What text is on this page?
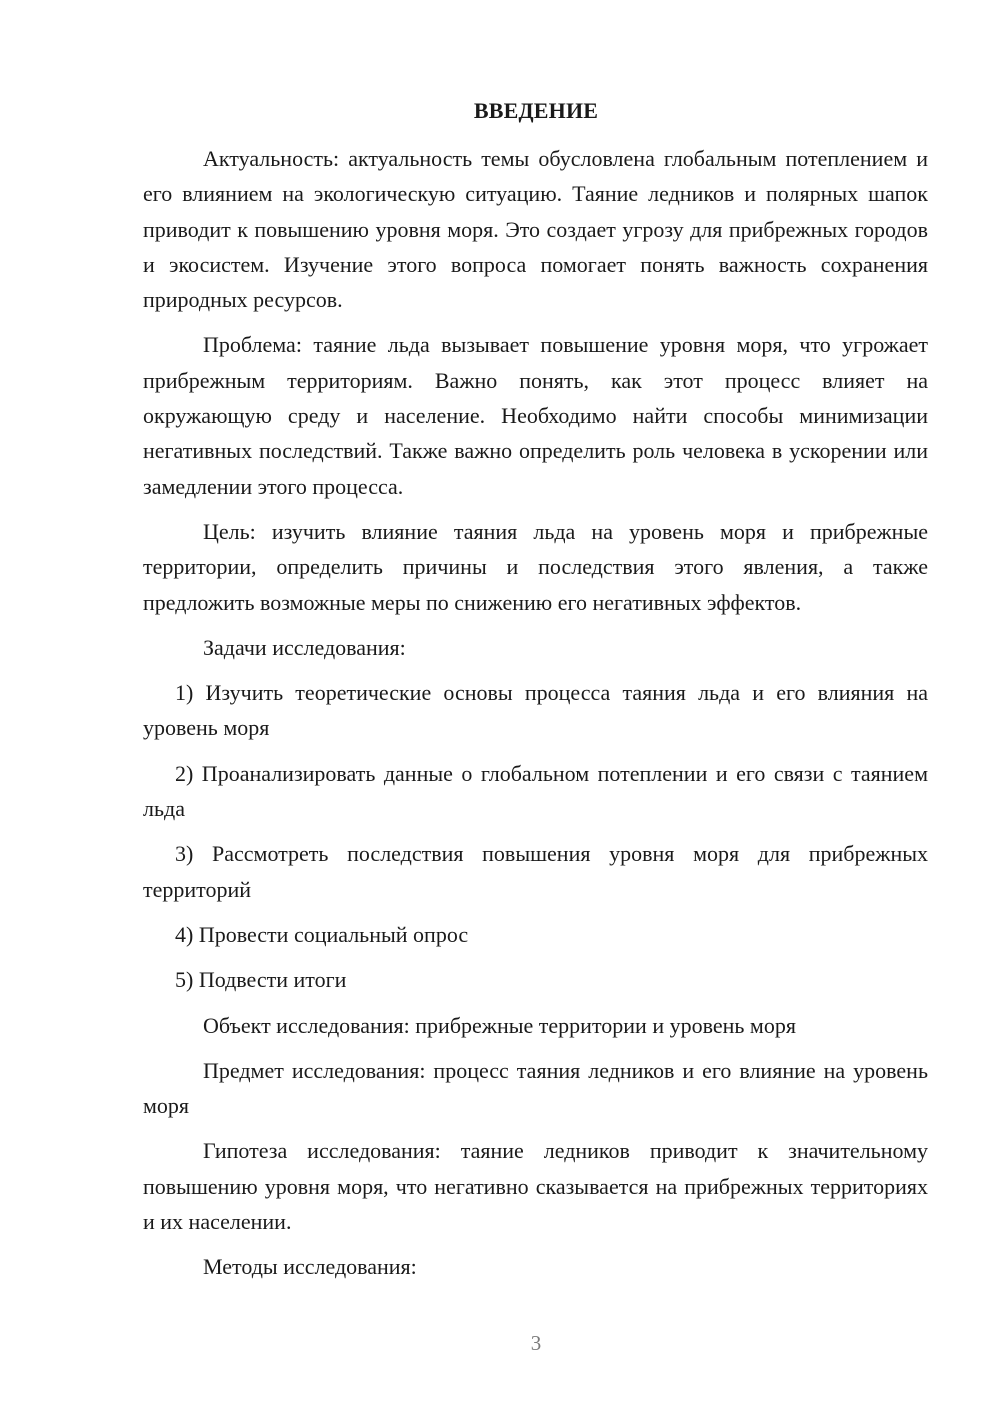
ВВЕДЕНИЕ

Актуальность: актуальность темы обусловлена глобальным потеплением и его влиянием на экологическую ситуацию. Таяние ледников и полярных шапок приводит к повышению уровня моря. Это создает угрозу для прибрежных городов и экосистем. Изучение этого вопроса помогает понять важность сохранения природных ресурсов.

Проблема: таяние льда вызывает повышение уровня моря, что угрожает прибрежным территориям. Важно понять, как этот процесс влияет на окружающую среду и население. Необходимо найти способы минимизации негативных последствий. Также важно определить роль человека в ускорении или замедлении этого процесса.

Цель: изучить влияние таяния льда на уровень моря и прибрежные территории, определить причины и последствия этого явления, а также предложить возможные меры по снижению его негативных эффектов.

Задачи исследования:

1) Изучить теоретические основы процесса таяния льда и его влияния на уровень моря

2) Проанализировать данные о глобальном потеплении и его связи с таянием льда

3) Рассмотреть последствия повышения уровня моря для прибрежных территорий

4) Провести социальный опрос

5) Подвести итоги

Объект исследования: прибрежные территории и уровень моря

Предмет исследования: процесс таяния ледников и его влияние на уровень моря

Гипотеза исследования: таяние ледников приводит к значительному повышению уровня моря, что негативно сказывается на прибрежных территориях и их населении.

Методы исследования:

3
